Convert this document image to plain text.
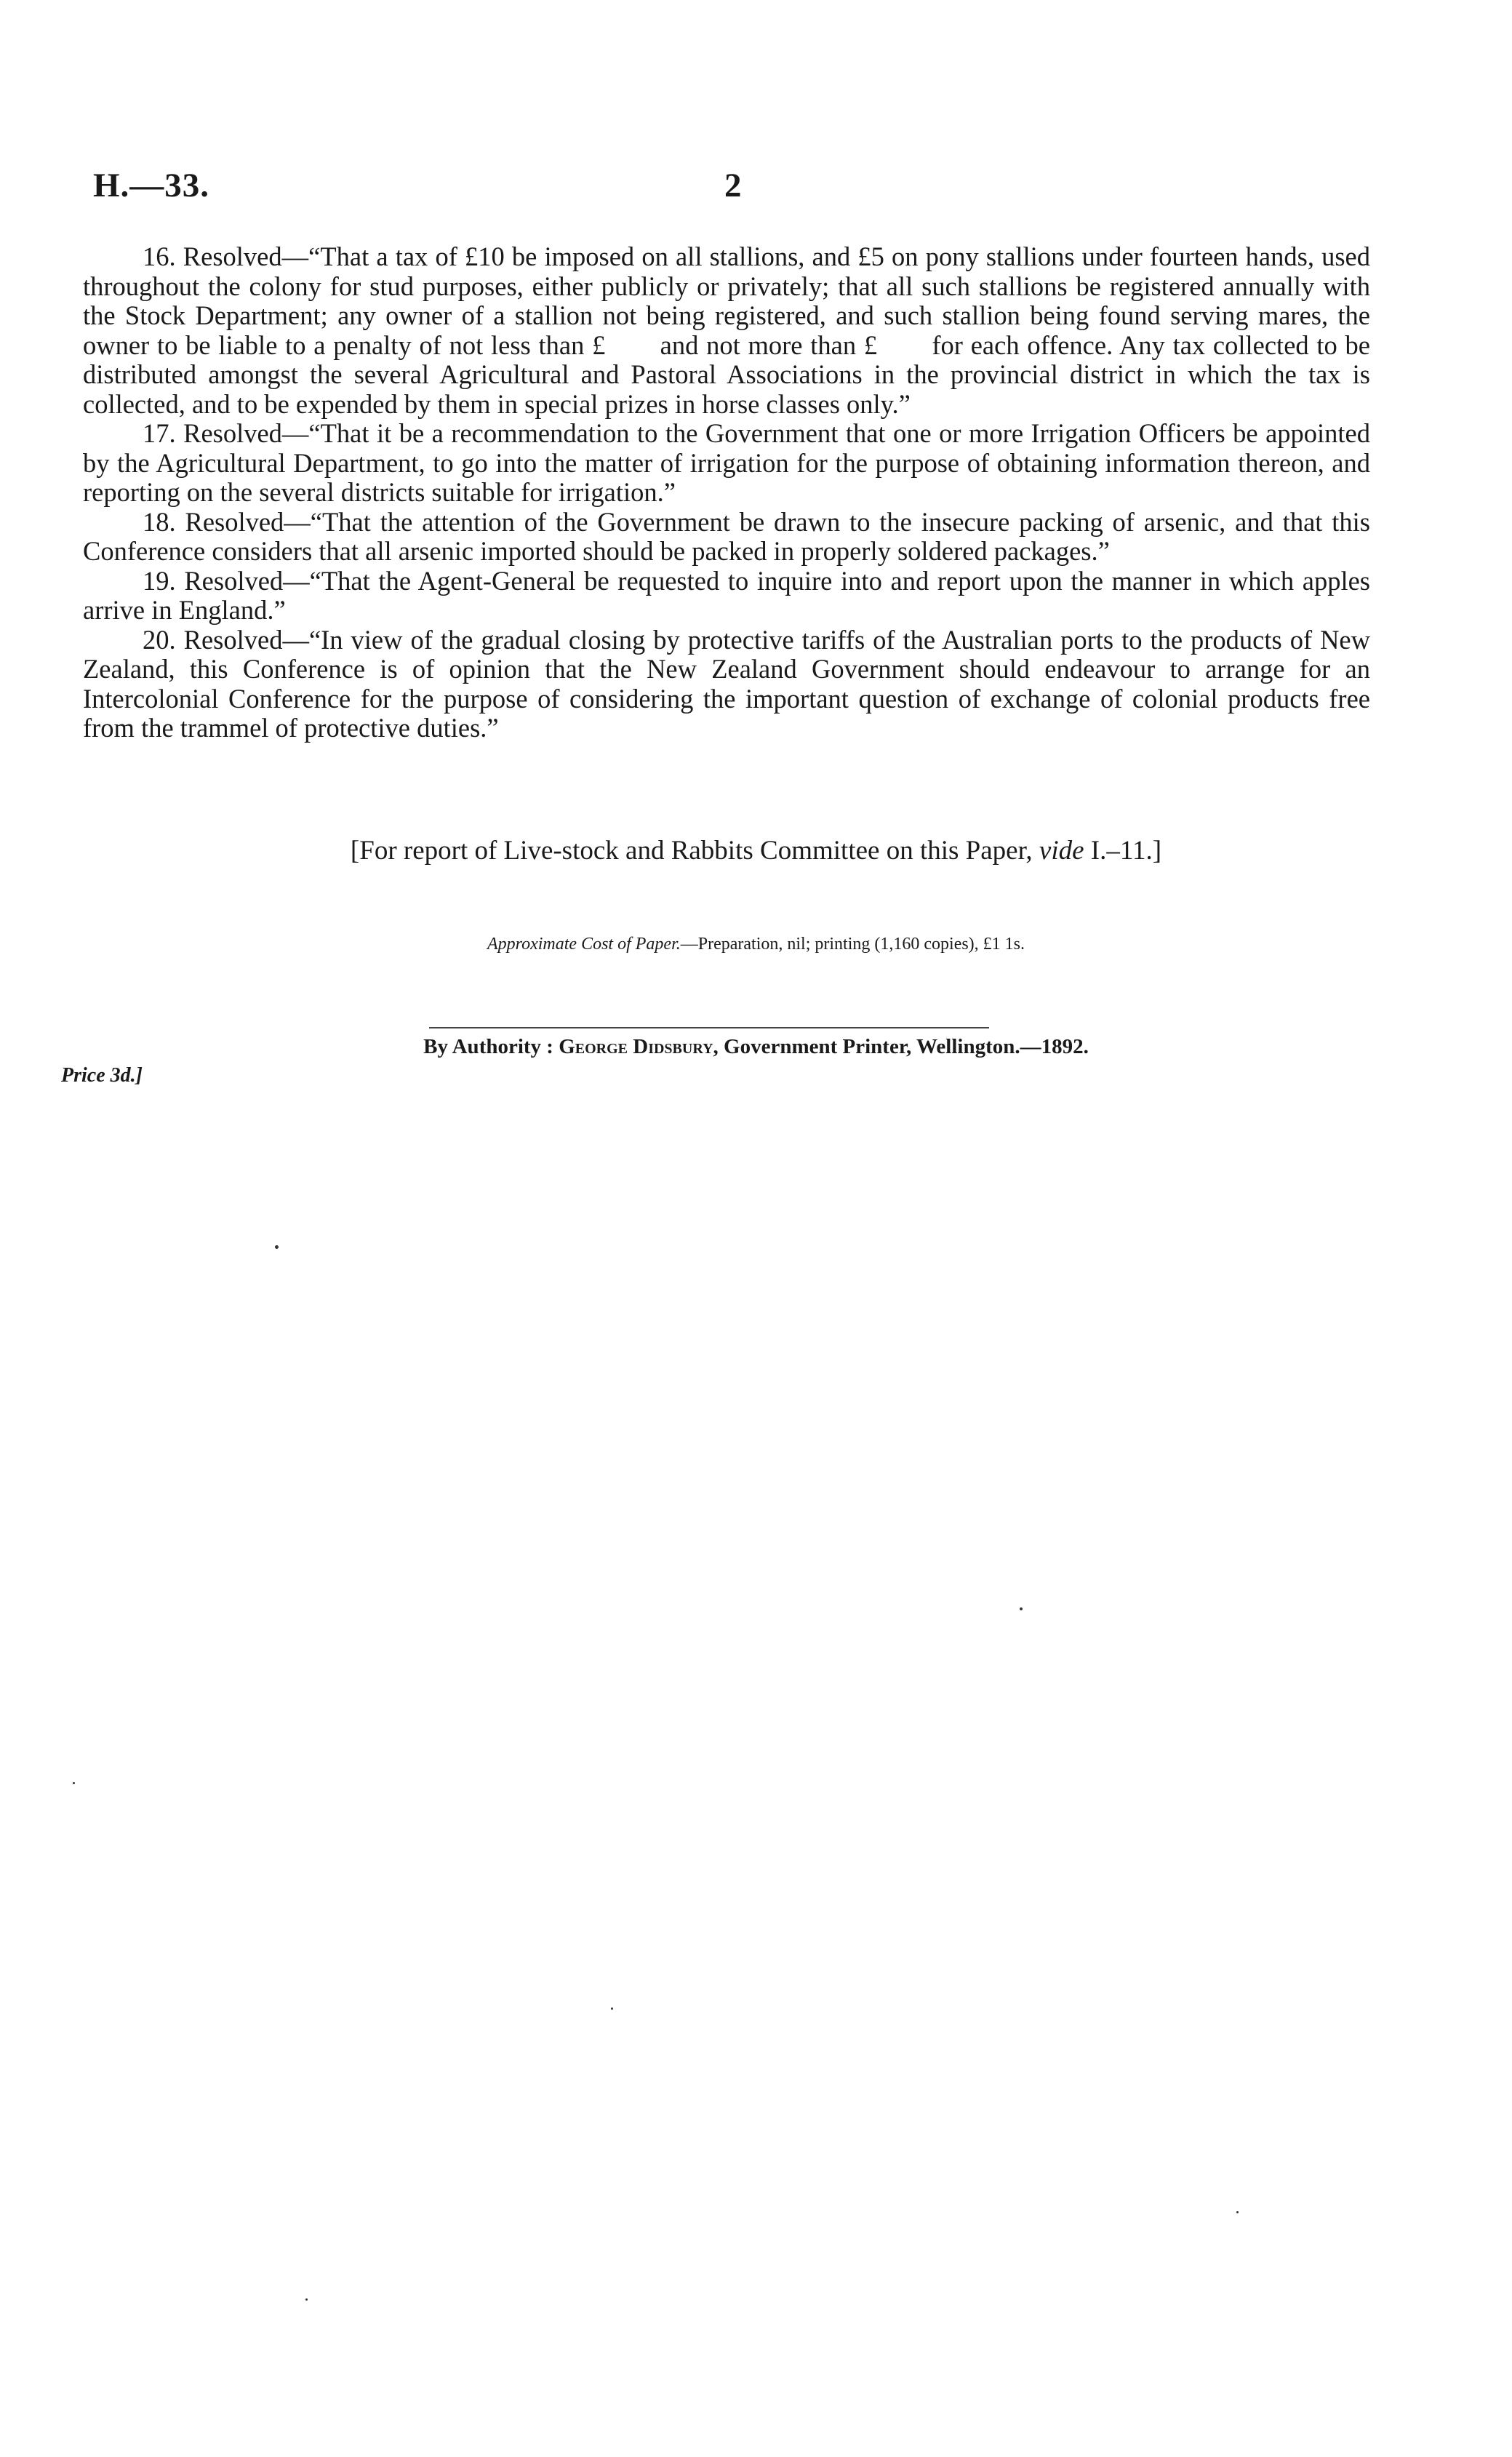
H.—33.	2

16. Resolved—“That a tax of £10 be imposed on all stallions, and £5 on pony stallions under fourteen hands, used throughout the colony for stud purposes, either publicly or privately; that all such stallions be registered annually with the Stock Department; any owner of a stallion not being registered, and such stallion being found serving mares, the owner to be liable to a penalty of not less than £       and not more than £       for each offence. Any tax collected to be distributed amongst the several Agricultural and Pastoral Associations in the provincial district in which the tax is collected, and to be expended by them in special prizes in horse classes only.”

17. Resolved—“That it be a recommendation to the Government that one or more Irrigation Officers be appointed by the Agricultural Department, to go into the matter of irrigation for the purpose of obtaining information thereon, and reporting on the several districts suitable for irrigation.”

18. Resolved—“That the attention of the Government be drawn to the insecure packing of arsenic, and that this Conference considers that all arsenic imported should be packed in properly soldered packages.”

19. Resolved—“That the Agent-General be requested to inquire into and report upon the manner in which apples arrive in England.”

20. Resolved—“In view of the gradual closing by protective tariffs of the Australian ports to the products of New Zealand, this Conference is of opinion that the New Zealand Government should endeavour to arrange for an Intercolonial Conference for the purpose of considering the important question of exchange of colonial products free from the trammel of protective duties.”

[For report of Live-stock and Rabbits Committee on this Paper, vide I.–11.]
Approximate Cost of Paper.—Preparation, nil; printing (1,160 copies), £1 1s.
By Authority : George Didsbury, Government Printer, Wellington.—1892.
Price 3d.]
